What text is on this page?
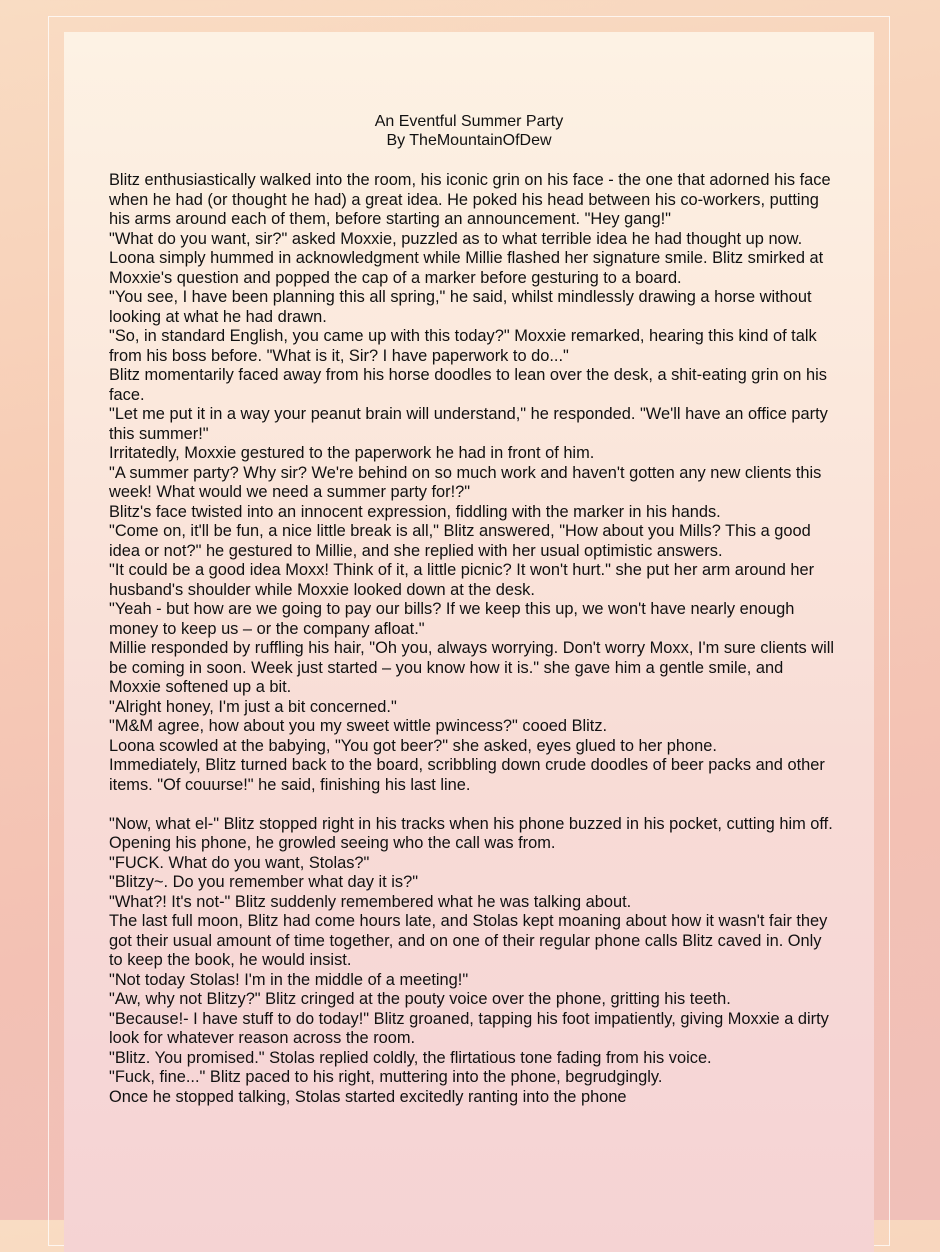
An Eventful Summer Party
By TheMountainOfDew

Blitz enthusiastically walked into the room, his iconic grin on his face - the one that adorned his face when he had (or thought he had) a great idea. He poked his head between his co-workers, putting his arms around each of them, before starting an announcement. "Hey gang!"

"What do you want, sir?" asked Moxxie, puzzled as to what terrible idea he had thought up now. Loona simply hummed in acknowledgment while Millie flashed her signature smile. Blitz smirked at Moxxie's question and popped the cap of a marker before gesturing to a board.

"You see, I have been planning this all spring," he said, whilst mindlessly drawing a horse without looking at what he had drawn.

"So, in standard English, you came up with this today?" Moxxie remarked, hearing this kind of talk from his boss before. "What is it, Sir? I have paperwork to do..."

Blitz momentarily faced away from his horse doodles to lean over the desk, a shit-eating grin on his face.

"Let me put it in a way your peanut brain will understand," he responded. "We'll have an office party this summer!"

Irritatedly, Moxxie gestured to the paperwork he had in front of him.

"A summer party? Why sir? We're behind on so much work and haven't gotten any new clients this week! What would we need a summer party for!?"

Blitz's face twisted into an innocent expression, fiddling with the marker in his hands.

"Come on, it'll be fun, a nice little break is all," Blitz answered, "How about you Mills? This a good idea or not?" he gestured to Millie, and she replied with her usual optimistic answers.

"It could be a good idea Moxx! Think of it, a little picnic? It won't hurt." she put her arm around her husband's shoulder while Moxxie looked down at the desk.

"Yeah - but how are we going to pay our bills? If we keep this up, we won't have nearly enough money to keep us – or the company afloat."

Millie responded by ruffling his hair, "Oh you, always worrying. Don't worry Moxx, I'm sure clients will be coming in soon. Week just started – you know how it is." she gave him a gentle smile, and Moxxie softened up a bit.

"Alright honey, I'm just a bit concerned."

"M&M agree, how about you my sweet wittle pwincess?" cooed Blitz.

Loona scowled at the babying, "You got beer?" she asked, eyes glued to her phone.

Immediately, Blitz turned back to the board, scribbling down crude doodles of beer packs and other items. "Of couurse!" he said, finishing his last line.

"Now, what el-" Blitz stopped right in his tracks when his phone buzzed in his pocket, cutting him off. Opening his phone, he growled seeing who the call was from.

"FUCK. What do you want, Stolas?"

"Blitzy~. Do you remember what day it is?"

"What?! It's not-" Blitz suddenly remembered what he was talking about.

The last full moon, Blitz had come hours late, and Stolas kept moaning about how it wasn't fair they got their usual amount of time together, and on one of their regular phone calls Blitz caved in. Only to keep the book, he would insist.

"Not today Stolas! I'm in the middle of a meeting!"

"Aw, why not Blitzy?" Blitz cringed at the pouty voice over the phone, gritting his teeth.

"Because!- I have stuff to do today!" Blitz groaned, tapping his foot impatiently, giving Moxxie a dirty look for whatever reason across the room.

"Blitz. You promised." Stolas replied coldly, the flirtatious tone fading from his voice.

"Fuck, fine..." Blitz paced to his right, muttering into the phone, begrudgingly.

Once he stopped talking, Stolas started excitedly ranting into the phone
